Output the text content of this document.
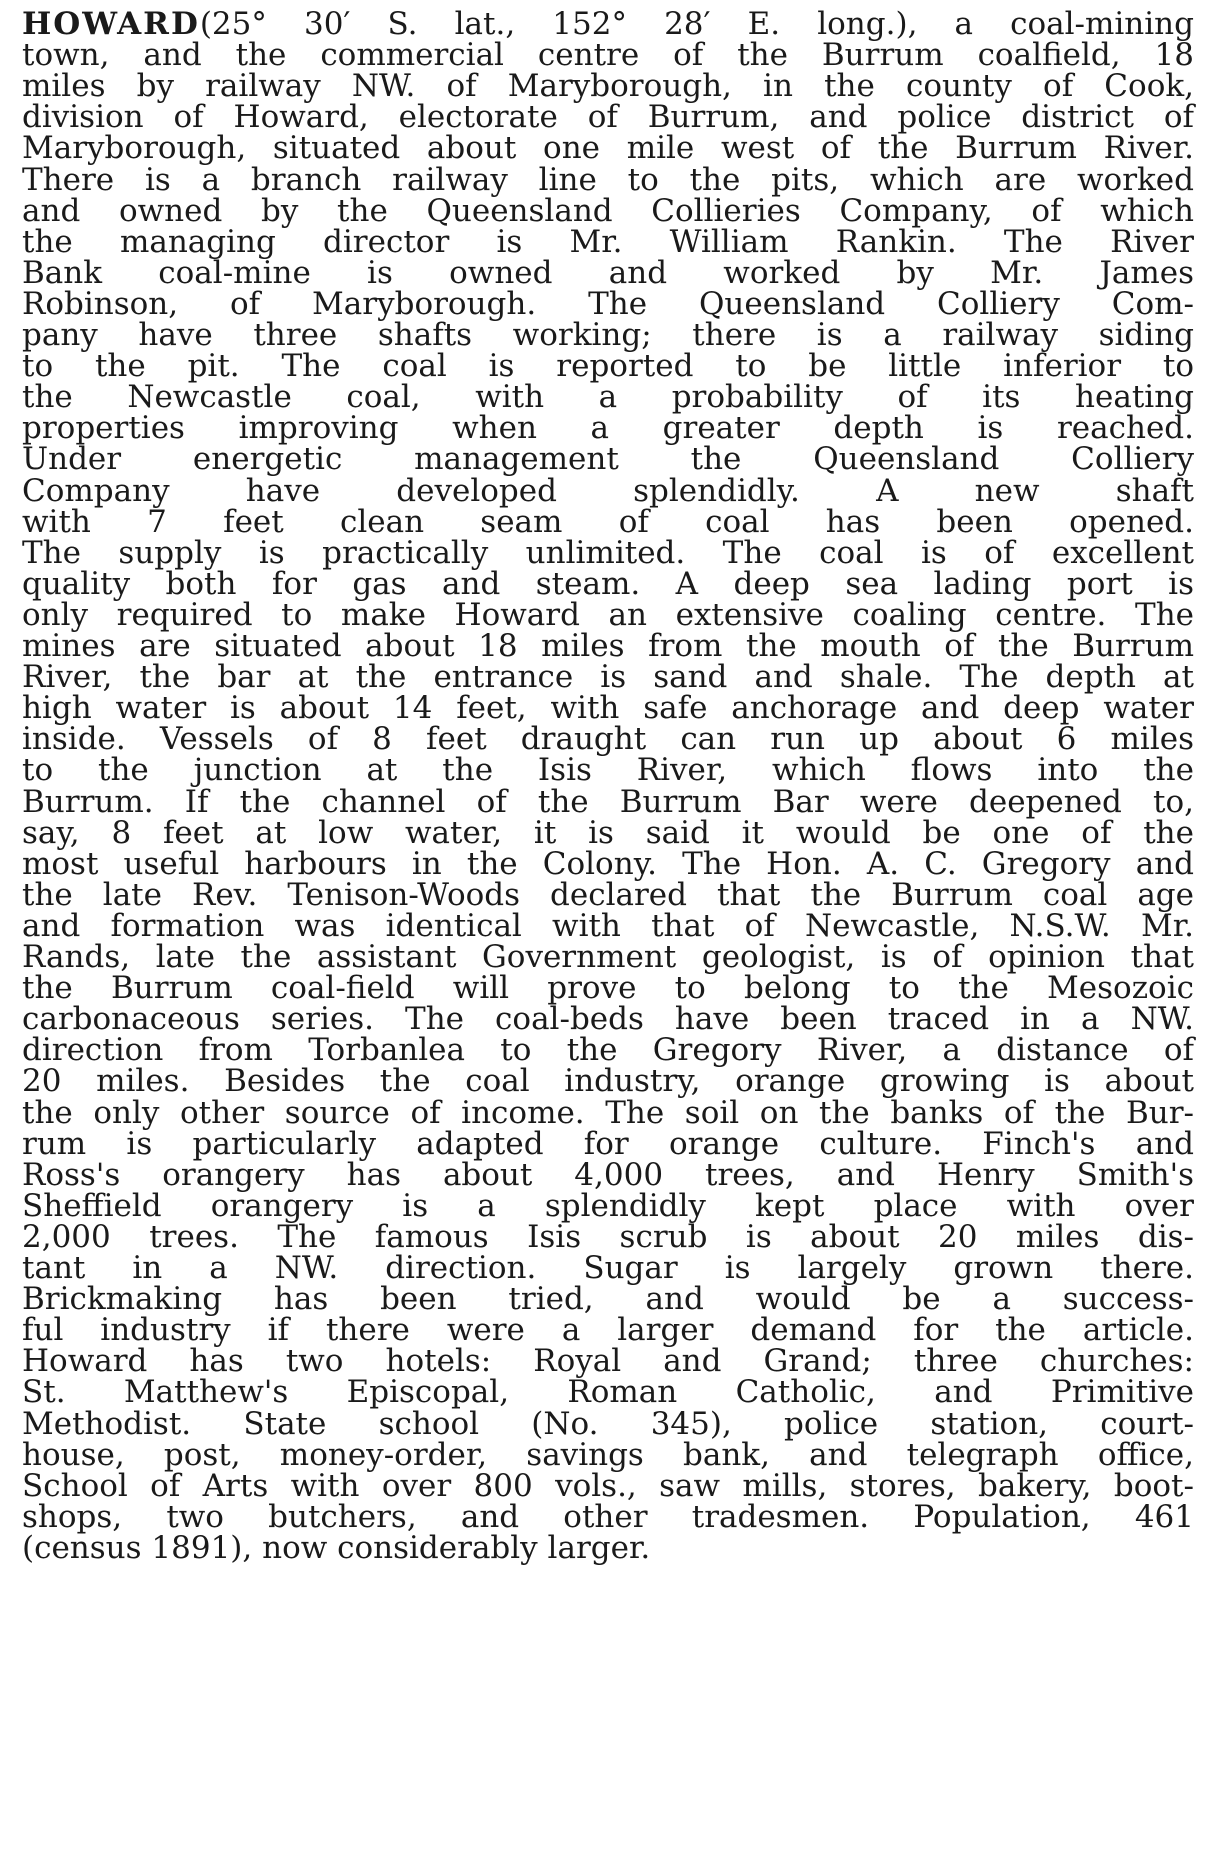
HOWARD(25° 30′ S. lat., 152° 28′ E. long.), a coal-mining
town, and the commercial centre of the Burrum coalfield, 18
miles by railway NW. of Maryborough, in the county of Cook,
division of Howard, electorate of Burrum, and police district of
Maryborough, situated about one mile west of the Burrum River.
There is a branch railway line to the pits, which are worked
and owned by the Queensland Collieries Company, of which
the managing director is Mr. William Rankin. The River
Bank coal-mine is owned and worked by Mr. James
Robinson, of Maryborough. The Queensland Colliery Com-
pany have three shafts working; there is a railway siding
to the pit. The coal is reported to be little inferior to
the Newcastle coal, with a probability of its heating
properties improving when a greater depth is reached.
Under energetic management the Queensland Colliery
Company have developed splendidly. A new shaft
with 7 feet clean seam of coal has been opened.
The supply is practically unlimited. The coal is of excellent
quality both for gas and steam. A deep sea lading port is
only required to make Howard an extensive coaling centre. The
mines are situated about 18 miles from the mouth of the Burrum
River, the bar at the entrance is sand and shale. The depth at
high water is about 14 feet, with safe anchorage and deep water
inside. Vessels of 8 feet draught can run up about 6 miles
to the junction at the Isis River, which flows into the
Burrum. If the channel of the Burrum Bar were deepened to,
say, 8 feet at low water, it is said it would be one of the
most useful harbours in the Colony. The Hon. A. C. Gregory and
the late Rev. Tenison-Woods declared that the Burrum coal age
and formation was identical with that of Newcastle, N.S.W. Mr.
Rands, late the assistant Government geologist, is of opinion that
the Burrum coal-field will prove to belong to the Mesozoic
carbonaceous series. The coal-beds have been traced in a NW.
direction from Torbanlea to the Gregory River, a distance of
20 miles. Besides the coal industry, orange growing is about
the only other source of income. The soil on the banks of the Bur-
rum is particularly adapted for orange culture. Finch's and
Ross's orangery has about 4,000 trees, and Henry Smith's
Sheffield orangery is a splendidly kept place with over
2,000 trees. The famous Isis scrub is about 20 miles dis-
tant in a NW. direction. Sugar is largely grown there.
Brickmaking has been tried, and would be a success-
ful industry if there were a larger demand for the article.
Howard has two hotels: Royal and Grand; three churches:
St. Matthew's Episcopal, Roman Catholic, and Primitive
Methodist. State school (No. 345), police station, court-
house, post, money-order, savings bank, and telegraph office,
School of Arts with over 800 vols., saw mills, stores, bakery, boot-
shops, two butchers, and other tradesmen. Population, 461
(census 1891), now considerably larger.
